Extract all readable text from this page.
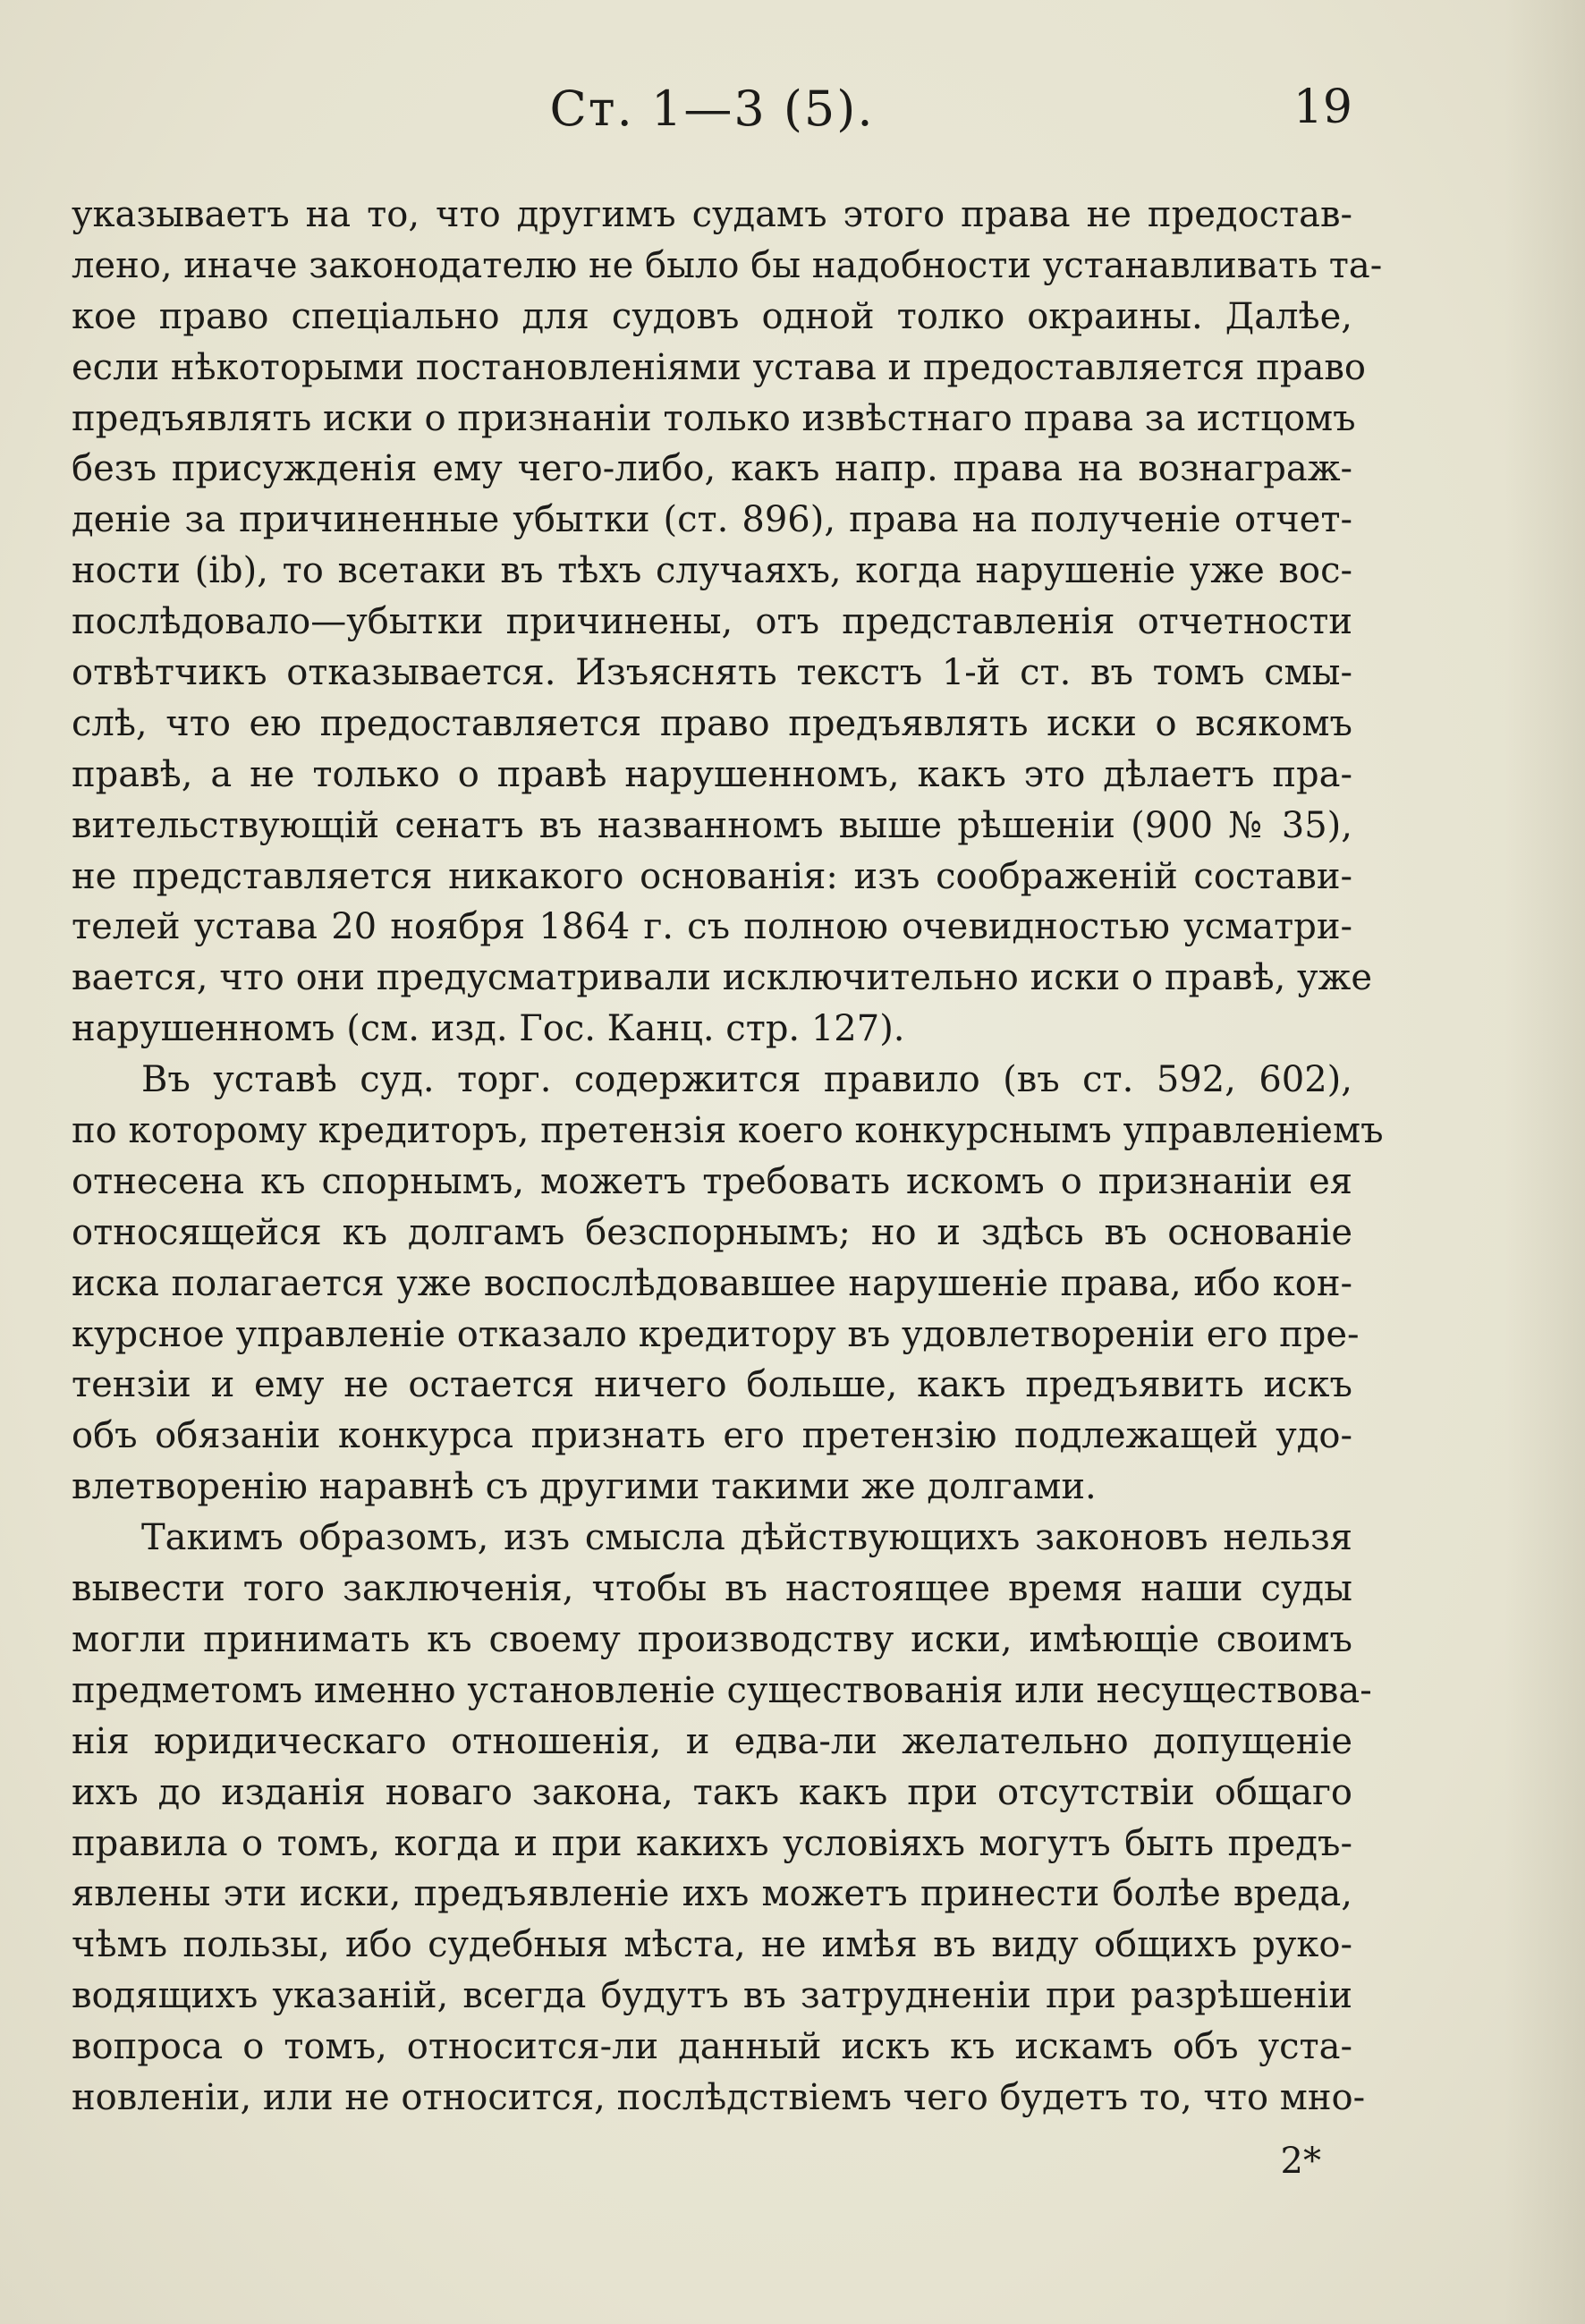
Ст. 1—3 (5).	19
указываетъ на то, что другимъ судамъ этого права не предостав-
лено, иначе законодателю не было бы надобности устанавливать та-
кое право спеціально для судовъ одной толко окраины. Далѣе,
если нѣкоторыми постановленіями устава и предоставляется право
предъявлять иски о признаніи только извѣстнаго права за истцомъ
безъ присужденія ему чего-либо, какъ напр. права на вознаграж-
деніе за причиненные убытки (ст. 896), права на полученіе отчет-
ности (ib), то всетаки въ тѣхъ случаяхъ, когда нарушеніе уже вос-
послѣдовало—убытки причинены, отъ представленія отчетности
отвѣтчикъ отказывается. Изъяснять текстъ 1-й ст. въ томъ смы-
слѣ, что ею предоставляется право предъявлять иски о всякомъ
правѣ, а не только о правѣ нарушенномъ, какъ это дѣлаетъ пра-
вительствующій сенатъ въ названномъ выше рѣшеніи (900 № 35),
не представляется никакого основанія: изъ соображеній состави-
телей устава 20 ноября 1864 г. съ полною очевидностью усматри-
вается, что они предусматривали исключительно иски о правѣ, уже
нарушенномъ (см. изд. Гос. Канц. стр. 127).
Въ уставѣ суд. торг. содержится правило (въ ст. 592, 602),
по которому кредиторъ, претензія коего конкурснымъ управленіемъ
отнесена къ спорнымъ, можетъ требовать искомъ о признаніи ея
относящейся къ долгамъ безспорнымъ; но и здѣсь въ основаніе
иска полагается уже воспослѣдовавшее нарушеніе права, ибо кон-
курсное управленіе отказало кредитору въ удовлетвореніи его пре-
тензіи и ему не остается ничего больше, какъ предъявить искъ
объ обязаніи конкурса признать его претензію подлежащей удо-
влетворенію наравнѣ съ другими такими же долгами.
Такимъ образомъ, изъ смысла дѣйствующихъ законовъ нельзя
вывести того заключенія, чтобы въ настоящее время наши суды
могли принимать къ своему производству иски, имѣющіе своимъ
предметомъ именно установленіе существованія или несуществова-
нія юридическаго отношенія, и едва-ли желательно допущеніе
ихъ до изданія новаго закона, такъ какъ при отсутствіи общаго
правила о томъ, когда и при какихъ условіяхъ могутъ быть предъ-
явлены эти иски, предъявленіе ихъ можетъ принести болѣе вреда,
чѣмъ пользы, ибо судебныя мѣста, не имѣя въ виду общихъ руко-
водящихъ указаній, всегда будутъ въ затрудненіи при разрѣшеніи
вопроса о томъ, относится-ли данный искъ къ искамъ объ уста-
новленіи, или не относится, послѣдствіемъ чего будетъ то, что мно-
2*
